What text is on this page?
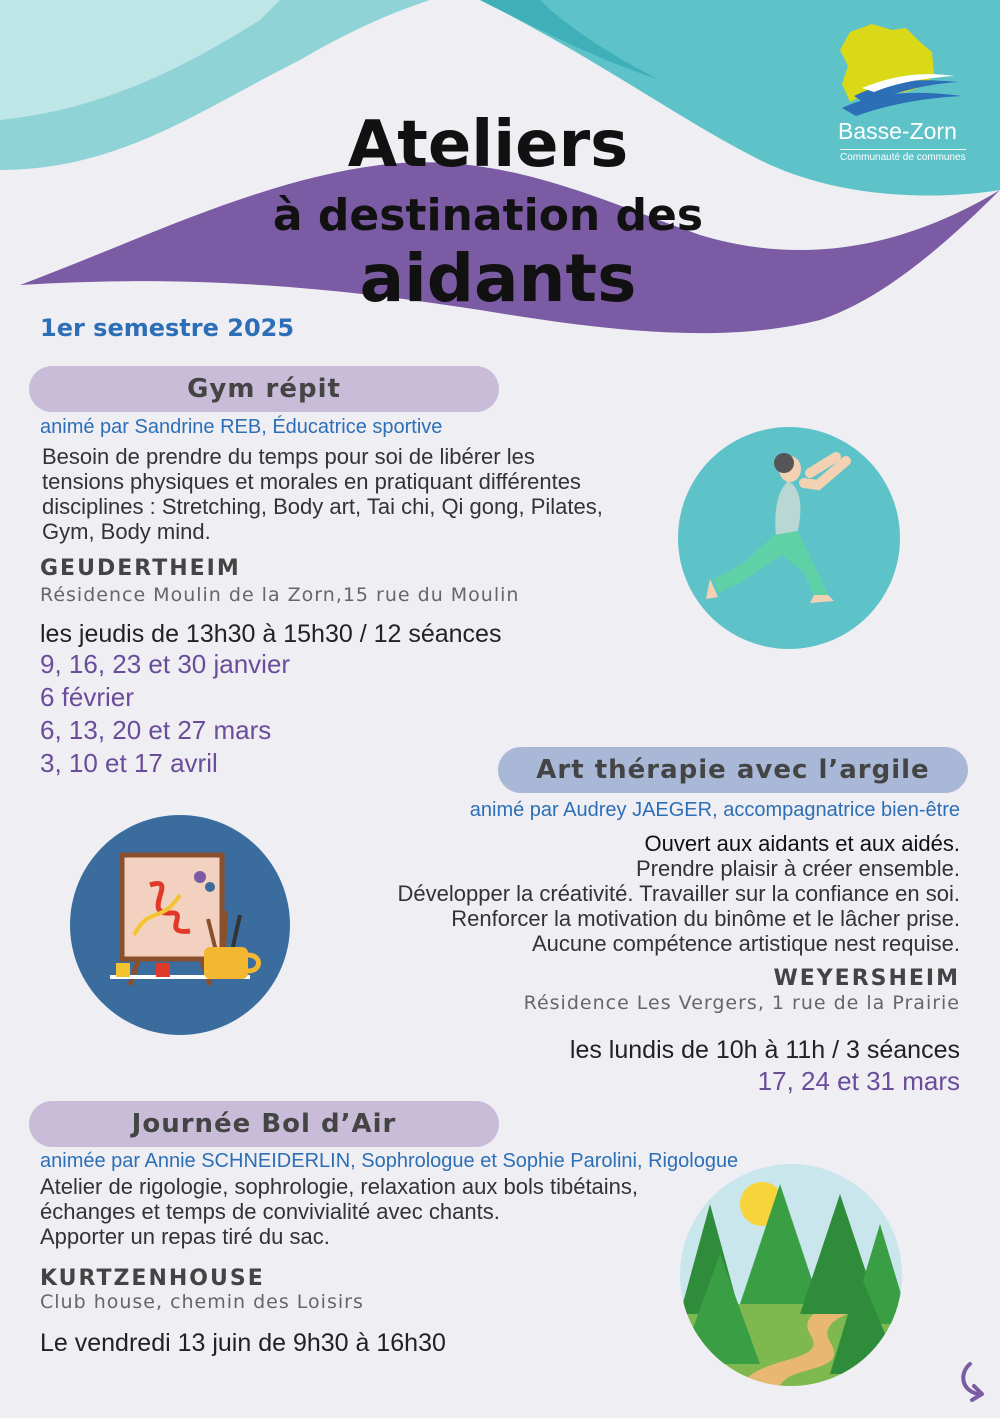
Basse-Zorn
Communauté de communes
Ateliers
à destination des
aidants
1er semestre 2025
Gym répit
animé par Sandrine REB, Éducatrice sportive
Besoin de prendre du temps pour soi de libérer les
tensions physiques et morales en pratiquant différentes
disciplines : Stretching, Body art, Tai chi, Qi gong, Pilates,
Gym, Body mind.
GEUDERTHEIM
Résidence Moulin de la Zorn,15 rue du Moulin
les jeudis de 13h30 à 15h30 / 12 séances
9, 16, 23 et 30 janvier
6 février
6, 13, 20 et 27 mars
3, 10 et 17 avril	Art thérapie avec l’argile
animé par Audrey JAEGER, accompagnatrice bien-être
Ouvert aux aidants et aux aidés.
Prendre plaisir à créer ensemble.
Développer la créativité. Travailler sur la confiance en soi.
Renforcer la motivation du binôme et le lâcher prise.
Aucune compétence artistique nest requise.
WEYERSHEIM
Résidence Les Vergers, 1 rue de la Prairie
les lundis de 10h à 11h / 3 séances
17, 24 et 31 mars
Journée Bol d’Air
animée par Annie SCHNEIDERLIN, Sophrologue et Sophie Parolini, Rigologue
Atelier de rigologie, sophrologie, relaxation aux bols tibétains,
échanges et temps de convivialité avec chants.
Apporter un repas tiré du sac.
KURTZENHOUSE
Club house, chemin des Loisirs
Le vendredi 13 juin de 9h30 à 16h30
